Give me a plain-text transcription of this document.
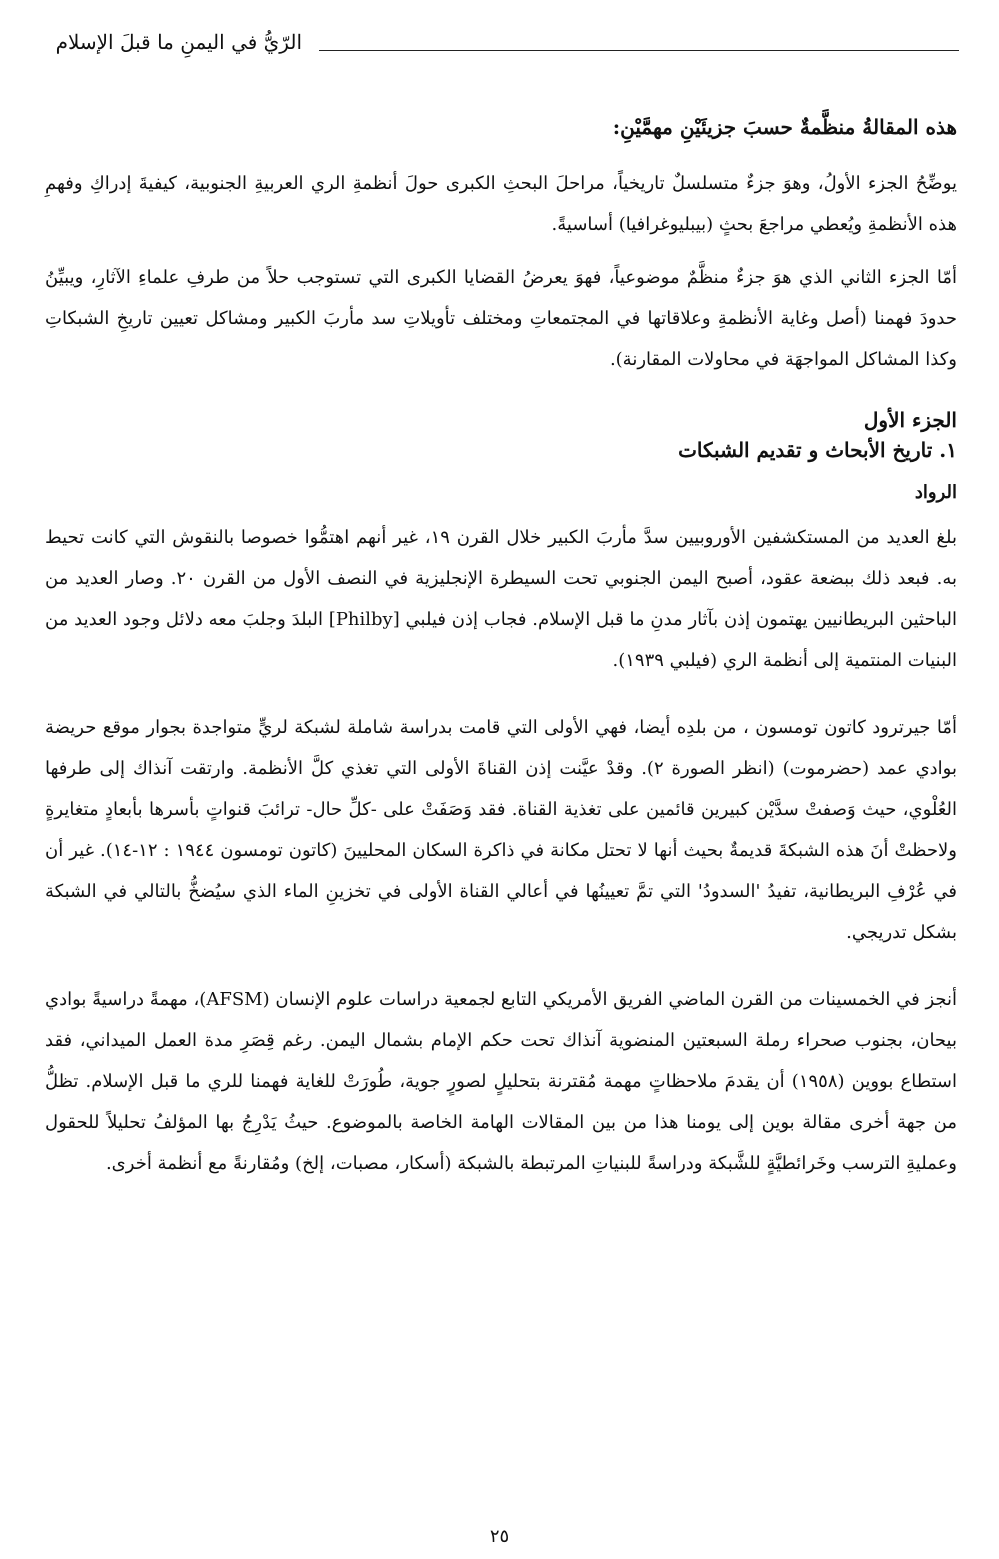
الرّيُّ في اليمنِ ما قبلَ الإسلام
هذه المقالةُ منظَّمةٌ حسبَ جزيئَيْنِ مهمَّيْنِ:

يوضِّحُ الجزء الأولُ، وهوَ جزءٌ متسلسلٌ تاريخياً، مراحلَ البحثِ الكبرى حولَ أنظمةِ الري العربيةِ الجنوبية، كيفيةَ إدراكِ وفهمِ هذه الأنظمةِ ويُعطي مراجعَ بحثٍ (بيبليوغرافيا) أساسيةً.

أمّا الجزء الثاني الذي هوَ جزءٌ منظَّمٌ موضوعياً، فهوَ يعرضُ القضايا الكبرى التي تستوجب حلاً من طرفِ علماءِ الآثارِ، ويبيِّنُ حدودَ فهمنا (أصل وغاية الأنظمةِ وعلاقاتها في المجتمعاتِ ومختلف تأويلاتِ سد مأربَ الكبير ومشاكل تعيين تاريخِ الشبكاتِ وكذا المشاكل المواجهَة في محاولات المقارنة).

الجزء الأول
١. تاريخ الأبحاث و تقديم الشبكات
الرواد

بلغ العديد من المستكشفين الأوروبيين سدَّ مأربَ الكبير خلال القرن ١٩، غير أنهم اهتمُّوا خصوصا بالنقوش التي كانت تحيط به. فبعد ذلك ببضعة عقود، أصبح اليمن الجنوبي تحت السيطرة الإنجليزية في النصف الأول من القرن ٢٠. وصار العديد من الباحثين البريطانيين يهتمون إذن بآثار مدنِ ما قبل الإسلام. فجاب إذن فيلبي [Philby] البلدَ وجلبَ معه دلائل وجود العديد من البنيات المنتمية إلى أنظمة الري (فيلبي ١٩٣٩).

أمّا جيرترود كاتون تومسون ، من بلدِه أيضا، فهي الأولى التي قامت بدراسة شاملة لشبكة لريٍّ متواجدة بجوار موقع حريضة بوادي عمد (حضرموت) (انظر الصورة ٢). وقدْ عيَّنت إذن القناةَ الأولى التي تغذي كلَّ الأنظمة. وارتقت آنذاك إلى طرفها العُلْوي، حيث وَصفتْ سدَّيْن كبيرين قائمين على تغذية القناة. فقد وَصَفَتْ على -كلِّ حال- ترائبَ قنواتٍ بأسرها بأبعادٍ متغايرةٍ ولاحظتْ أنَ هذه الشبكةَ قديمةٌ بحيث أنها لا تحتل مكانة في ذاكرة السكان المحليينَ (كاتون تومسون ١٩٤٤ : ١٢-١٤). غير أن في عُرْفِ البريطانية، تفيدُ 'السدودُ' التي تمَّ تعيينُها في أعالي القناة الأولى في تخزينِ الماء الذي سيُضخُّ بالتالي في الشبكة بشكل تدريجي.

أنجز في الخمسينات من القرن الماضي الفريق الأمريكي التابع لجمعية دراسات علوم الإنسان (AFSM)، مهمةً دراسيةً بوادي بيحان، بجنوب صحراء رملة السبعتين المنضوية آنذاك تحت حكم الإمام بشمال اليمن. رغم قِصَرِ مدة العمل الميداني، فقد استطاع بووين (١٩٥٨) أن يقدمَ ملاحظاتٍ مهمة مُقترنة بتحليلٍ لصورٍ جوية، طُورَتْ للغاية فهمنا للري ما قبل الإسلام. تظلُّ من جهة أخرى مقالة بوين إلى يومنا هذا من بين المقالات الهامة الخاصة بالموضوع. حيثُ يَدْرِجُ بها المؤلفُ تحليلاً للحقول وعمليةِ الترسب وخَرائطيَّةٍ للشَّبكة ودراسةً للبنياتِ المرتبطة بالشبكة (أسكار، مصبات، إلخ) ومُقارنةً مع أنظمة أخرى.

٢٥
